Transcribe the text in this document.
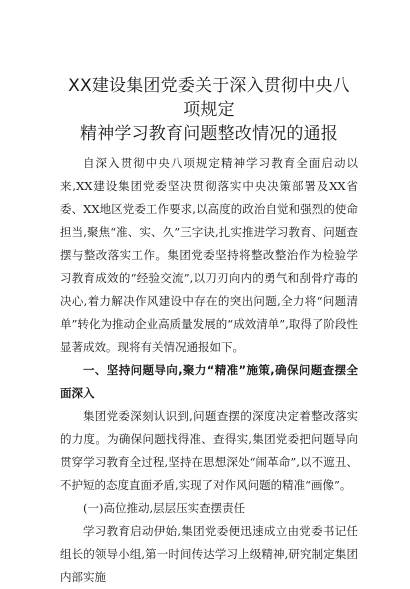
XX建设集团党委关于深入贯彻中央八项规定
精神学习教育问题整改情况的通报

自深入贯彻中央八项规定精神学习教育全面启动以来,XX建设集团党委坚决贯彻落实中央决策部署及XX省委、XX地区党委工作要求,以高度的政治自觉和强烈的使命担当,聚焦“准、实、久”三字诀,扎实推进学习教育、问题查摆与整改落实工作。集团党委坚持将整改整治作为检验学习教育成效的“经验交流”,以刀刃向内的勇气和刮骨疗毒的决心,着力解决作风建设中存在的突出问题,全力将“问题清单”转化为推动企业高质量发展的“成效清单”,取得了阶段性显著成效。现将有关情况通报如下。

一、坚持问题导向,聚力“精准”施策,确保问题查摆全面深入

集团党委深刻认识到,问题查摆的深度决定着整改落实的力度。为确保问题找得准、查得实,集团党委把问题导向贯穿学习教育全过程,坚持在思想深处“闹革命”,以不遮丑、不护短的态度直面矛盾,实现了对作风问题的精准“画像”。

(一)高位推动,层层压实查摆责任

学习教育启动伊始,集团党委便迅速成立由党委书记任组长的领导小组,第一时间传达学习上级精神,研究制定集团内部实施
